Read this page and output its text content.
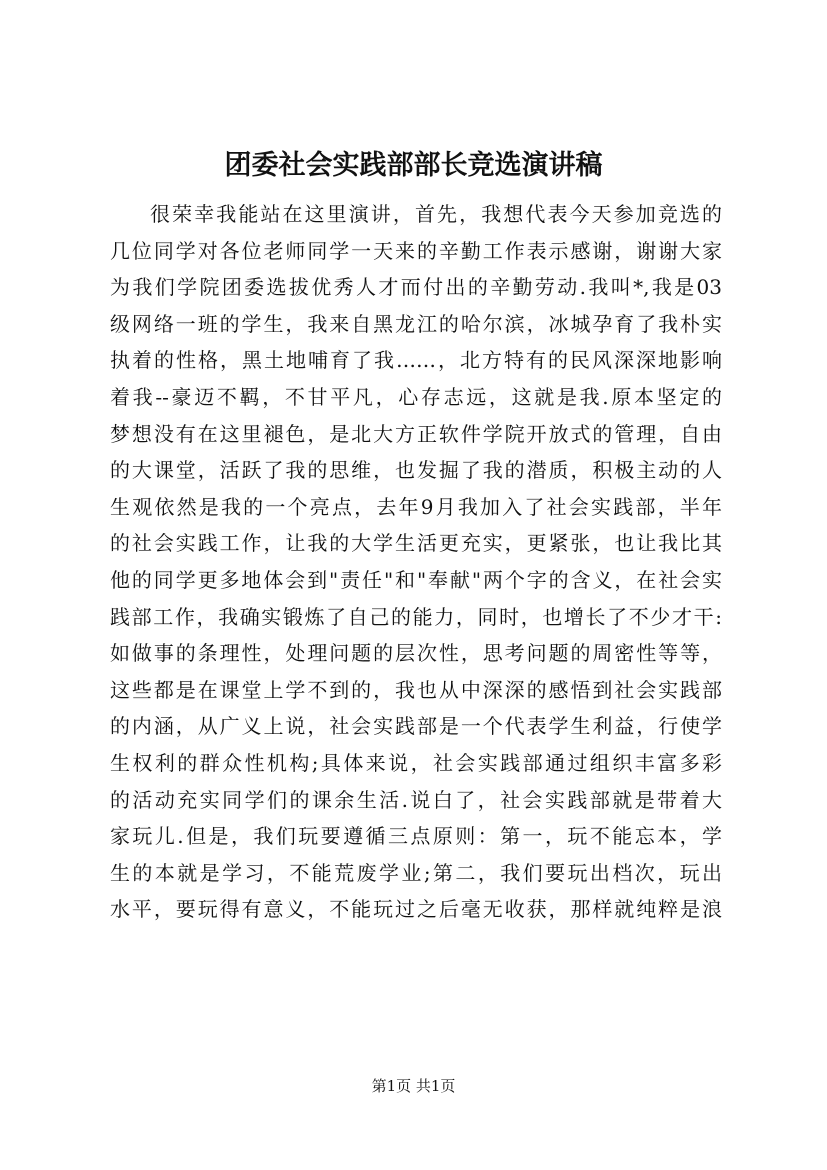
团委社会实践部部长竞选演讲稿
很荣幸我能站在这里演讲，首先，我想代表今天参加竞选的
几位同学对各位老师同学一天来的辛勤工作表示感谢，谢谢大家
为我们学院团委选拔优秀人才而付出的辛勤劳动.我叫*,我是03
级网络一班的学生，我来自黑龙江的哈尔滨，冰城孕育了我朴实
执着的性格，黑土地哺育了我……，北方特有的民风深深地影响
着我--豪迈不羁，不甘平凡，心存志远，这就是我.原本坚定的
梦想没有在这里褪色，是北大方正软件学院开放式的管理，自由
的大课堂，活跃了我的思维，也发掘了我的潜质，积极主动的人
生观依然是我的一个亮点，去年9月我加入了社会实践部，半年
的社会实践工作，让我的大学生活更充实，更紧张，也让我比其
他的同学更多地体会到"责任"和"奉献"两个字的含义，在社会实
践部工作，我确实锻炼了自己的能力，同时，也增长了不少才干:
如做事的条理性，处理问题的层次性，思考问题的周密性等等，
这些都是在课堂上学不到的，我也从中深深的感悟到社会实践部
的内涵，从广义上说，社会实践部是一个代表学生利益，行使学
生权利的群众性机构;具体来说，社会实践部通过组织丰富多彩
的活动充实同学们的课余生活.说白了，社会实践部就是带着大
家玩儿.但是，我们玩要遵循三点原则：第一，玩不能忘本，学
生的本就是学习，不能荒废学业;第二，我们要玩出档次，玩出
水平，要玩得有意义，不能玩过之后毫无收获，那样就纯粹是浪
第1页 共1页
